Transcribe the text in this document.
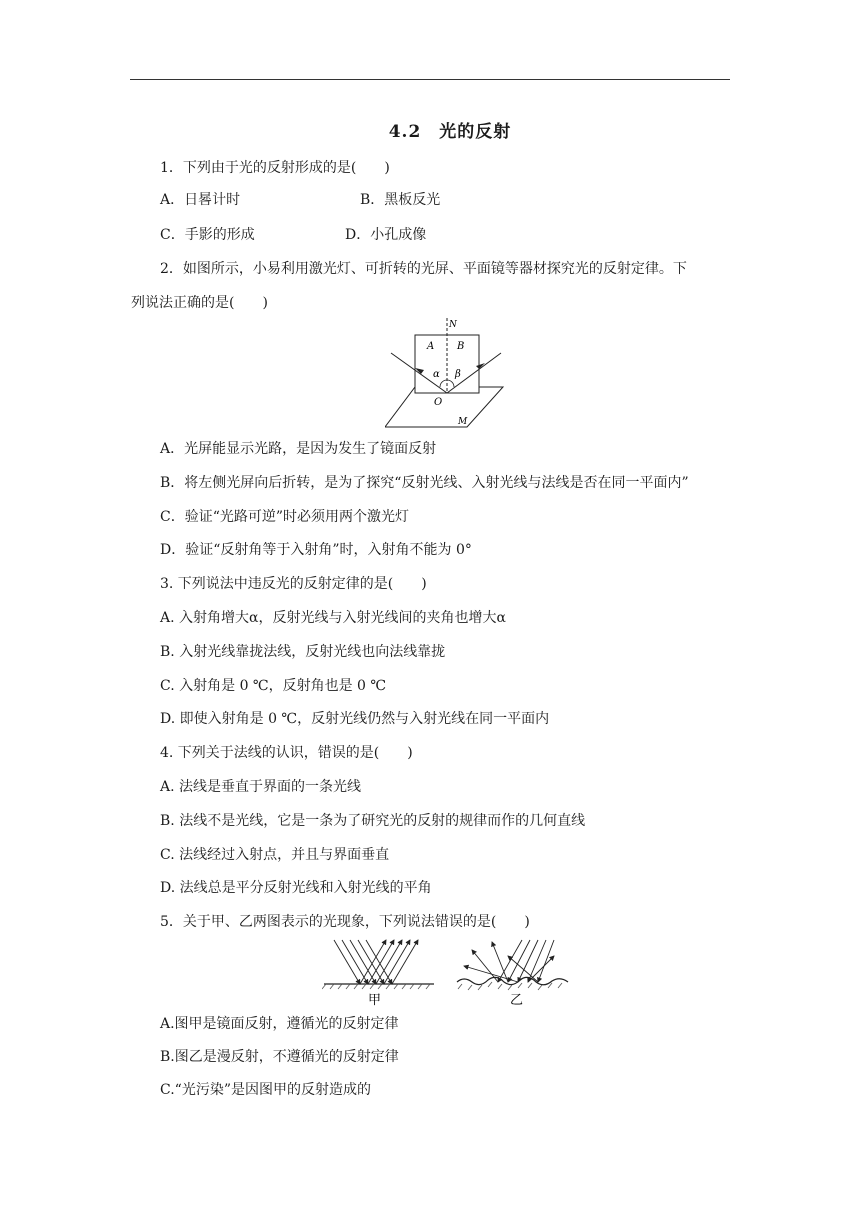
4.2　光的反射
1．下列由于光的反射形成的是(　　)
A．日晷计时	B．黑板反光
C．手影的形成	D．小孔成像
2．如图所示，小易利用激光灯、可折转的光屏、平面镜等器材探究光的反射定律。下
列说法正确的是(　　)
N
A B
α β
O
M
A．光屏能显示光路，是因为发生了镜面反射
B．将左侧光屏向后折转，是为了探究“反射光线、入射光线与法线是否在同一平面内”
C．验证“光路可逆”时必须用两个激光灯
D．验证“反射角等于入射角”时，入射角不能为 0°
3. 下列说法中违反光的反射定律的是(　　)
A. 入射角增大α，反射光线与入射光线间的夹角也增大α
B. 入射光线靠拢法线，反射光线也向法线靠拢
C. 入射角是 0 ℃，反射角也是 0 ℃
D. 即使入射角是 0 ℃，反射光线仍然与入射光线在同一平面内
4. 下列关于法线的认识，错误的是(　　)
A. 法线是垂直于界面的一条光线
B. 法线不是光线，它是一条为了研究光的反射的规律而作的几何直线
C. 法线经过入射点，并且与界面垂直
D. 法线总是平分反射光线和入射光线的平角
5．关于甲、乙两图表示的光现象，下列说法错误的是(　　)
甲	乙
A.图甲是镜面反射，遵循光的反射定律
B.图乙是漫反射，不遵循光的反射定律
C.“光污染”是因图甲的反射造成的
